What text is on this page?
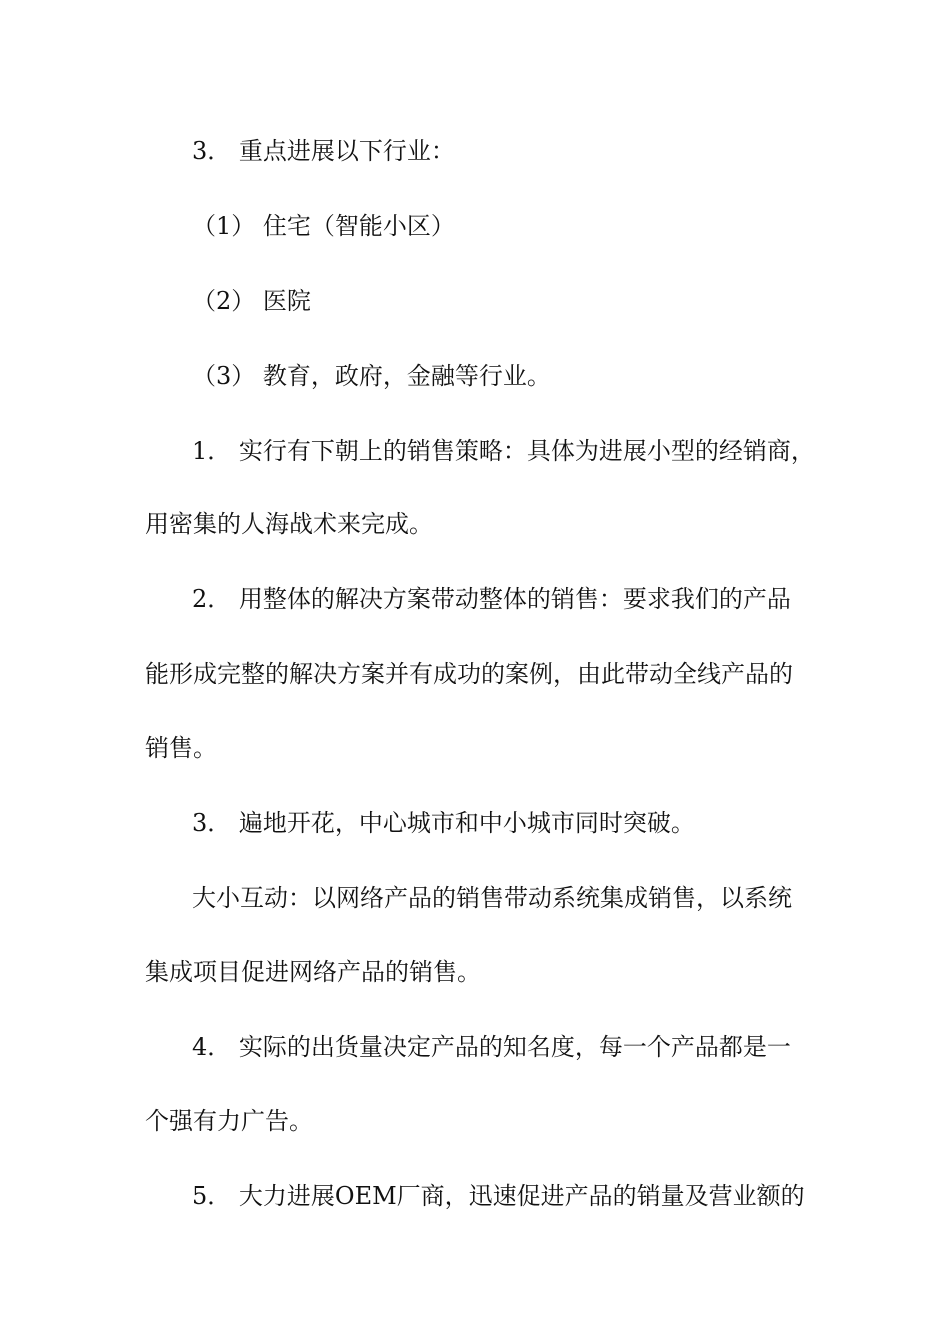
3． 重点进展以下行业：
（1） 住宅（智能小区）
（2） 医院
（3） 教育，政府，金融等行业。
1． 实行有下朝上的销售策略：具体为进展小型的经销商，
用密集的人海战术来完成。
2． 用整体的解决方案带动整体的销售：要求我们的产品
能形成完整的解决方案并有成功的案例，由此带动全线产品的
销售。
3． 遍地开花，中心城市和中小城市同时突破。
大小互动：以网络产品的销售带动系统集成销售，以系统
集成项目促进网络产品的销售。
4． 实际的出货量决定产品的知名度，每一个产品都是一
个强有力广告。
5． 大力进展OEM厂商，迅速促进产品的销量及营业额的
